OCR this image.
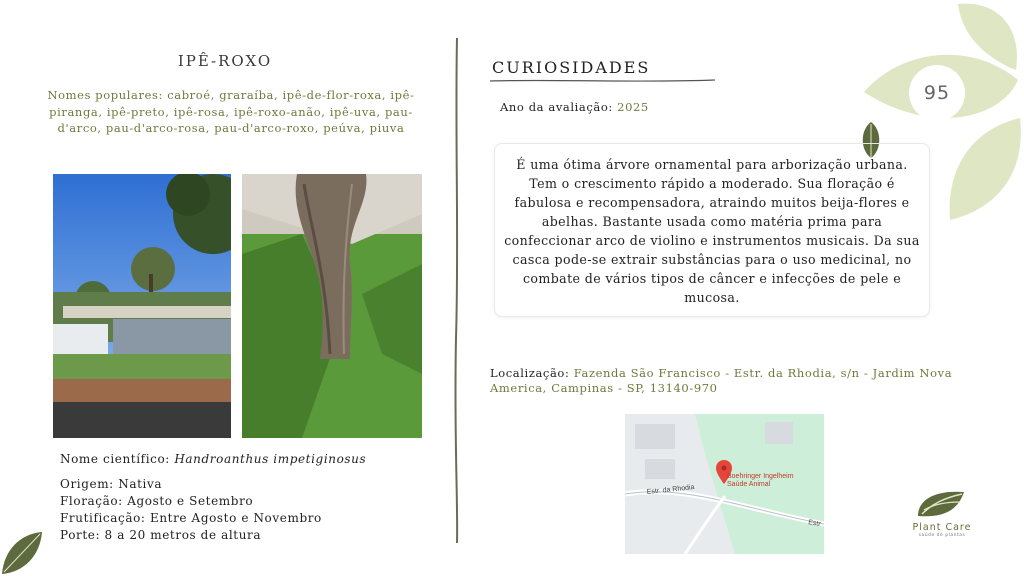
95
IPÊ-ROXO
Nomes populares: cabroé, graraíba, ipê-de-flor-roxa, ipê-piranga, ipê-preto, ipê-rosa, ipê-roxo-anão, ipê-uva, pau-d'arco, pau-d'arco-rosa, pau-d'arco-roxo, peúva, piuva
Nome científico: Handroanthus impetiginosus
Origem: Nativa
Floração: Agosto e Setembro
Frutificação: Entre Agosto e Novembro
Porte: 8 a 20 metros de altura
CURIOSIDADES
Ano da avaliação: 2025
É uma ótima árvore ornamental para arborização urbana. Tem o crescimento rápido a moderado. Sua floração é fabulosa e recompensadora, atraindo muitos beija-flores e abelhas. Bastante usada como matéria prima para confeccionar arco de violino e instrumentos musicais. Da sua casca pode-se extrair substâncias para o uso medicinal, no combate de vários tipos de câncer e infecções de pele e mucosa.
Localização: Fazenda São Francisco - Estr. da Rhodia, s/n - Jardim Nova America, Campinas - SP, 13140-970
Boehringer Ingelheim
Saúde Animal
Estr. da Rhodia
Estr	Plant Care
saúde de plantas
